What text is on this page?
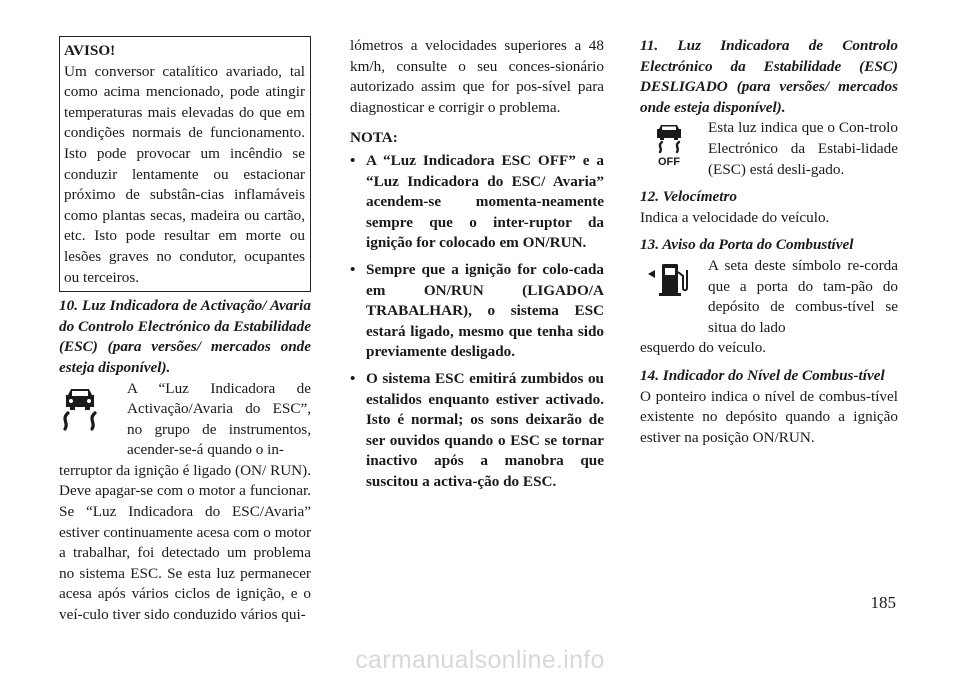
AVISO!

Um conversor catalítico avariado, tal como acima mencionado, pode atingir temperaturas mais elevadas do que em condições normais de funcionamento. Isto pode provocar um incêndio se conduzir lentamente ou estacionar próximo de substân-cias inflamáveis como plantas secas, madeira ou cartão, etc. Isto pode resultar em morte ou lesões graves no condutor, ocupantes ou terceiros.

10. Luz Indicadora de Activação/ Avaria do Controlo Electrónico da Estabilidade (ESC) (para versões/ mercados onde esteja disponível).

A “Luz Indicadora de Activação/Avaria do ESC”, no grupo de instrumentos, acender-se-á quando o in-

terruptor da ignição é ligado (ON/ RUN). Deve apagar-se com o motor a funcionar. Se “Luz Indicadora do ESC/Avaria” estiver continuamente acesa com o motor a trabalhar, foi detectado um problema no sistema ESC. Se esta luz permanecer acesa após vários ciclos de ignição, e o veí-culo tiver sido conduzido vários qui-

lómetros a velocidades superiores a 48 km/h, consulte o seu conces-sionário autorizado assim que for pos-sível para diagnosticar e corrigir o problema.

NOTA:
• A “Luz Indicadora ESC OFF” e a “Luz Indicadora do ESC/ Avaria” acendem-se momenta-neamente sempre que o inter-ruptor da ignição for colocado em ON/RUN.
• Sempre que a ignição for colo-cada em ON/RUN (LIGADO/A TRABALHAR), o sistema ESC estará ligado, mesmo que tenha sido previamente desligado.
• O sistema ESC emitirá zumbidos ou estalidos enquanto estiver activado. Isto é normal; os sons deixarão de ser ouvidos quando o ESC se tornar inactivo após a manobra que suscitou a activa-ção do ESC.

11. Luz Indicadora de Controlo Electrónico da Estabilidade (ESC) DESLIGADO (para versões/ mercados onde esteja disponível).

OFF

Esta luz indica que o Con-trolo Electrónico da Estabi-lidade (ESC) está desli-gado.

12. Velocímetro

Indica a velocidade do veículo.

13. Aviso da Porta do Combustível

A seta deste símbolo re-corda que a porta do tam-pão do depósito de combus-tível se situa do lado

esquerdo do veículo.

14. Indicador do Nível de Combus-tível

O ponteiro indica o nível de combus-tível existente no depósito quando a ignição estiver na posição ON/RUN.

185
carmanualsonline.info
